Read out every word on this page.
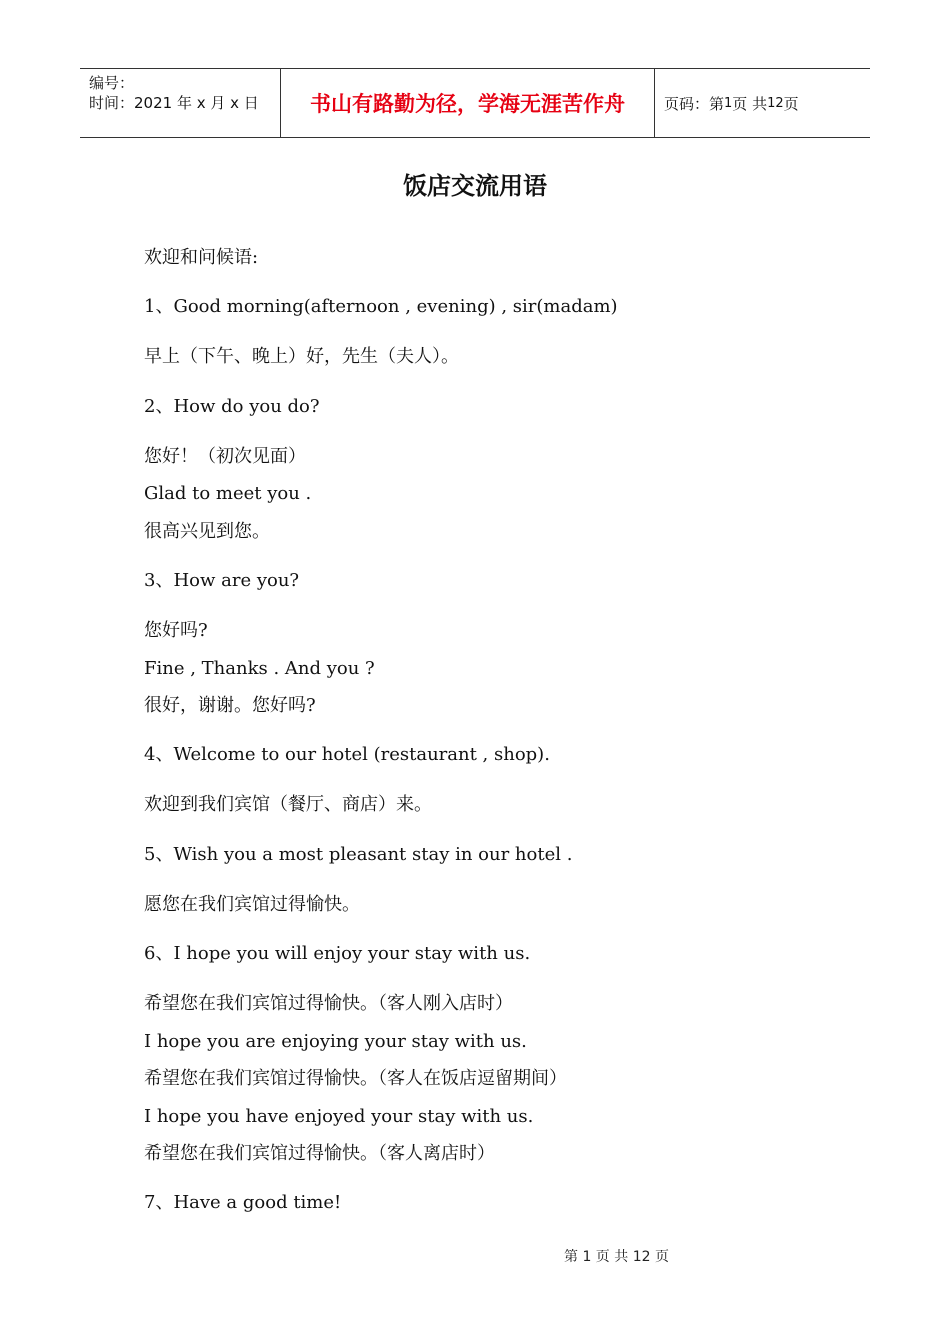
编号：
时间：2021 年 x 月 x 日	书山有路勤为径，学海无涯苦作舟	页码：第 1 页 共 12 页
饭店交流用语
欢迎和问候语:
1、Good morning(afternoon , evening) , sir(madam)
早上（下午、晚上）好，先生（夫人）。
2、How do you do?
您好！（初次见面）
Glad to meet you .
很高兴见到您。
3、How are you?
您好吗?
Fine , Thanks . And you ?
很好，谢谢。您好吗?
4、Welcome to our hotel (restaurant , shop).
欢迎到我们宾馆（餐厅、商店）来。
5、Wish you a most pleasant stay in our hotel .
愿您在我们宾馆过得愉快。
6、I hope you will enjoy your stay with us.
希望您在我们宾馆过得愉快。（客人刚入店时）
I hope you are enjoying your stay with us.
希望您在我们宾馆过得愉快。（客人在饭店逗留期间）
I hope you have enjoyed your stay with us.
希望您在我们宾馆过得愉快。（客人离店时）
7、Have a good time!
第 1 页 共 12 页
